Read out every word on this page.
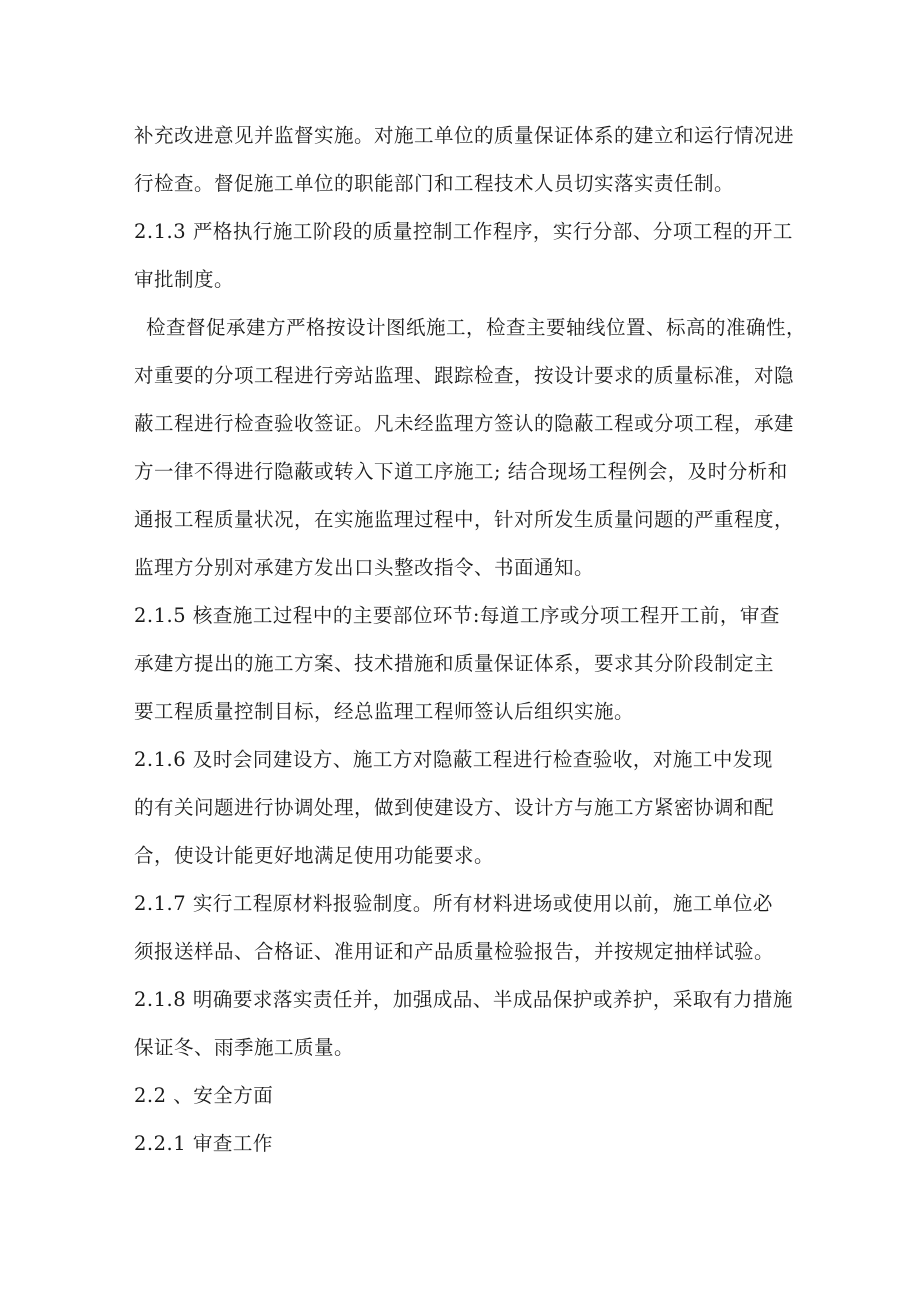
补充改进意见并监督实施。对施工单位的质量保证体系的建立和运行情况进
行检查。督促施工单位的职能部门和工程技术人员切实落实责任制。
2.1.3 严格执行施工阶段的质量控制工作程序，实行分部、分项工程的开工
审批制度。
检查督促承建方严格按设计图纸施工，检查主要轴线位置、标高的准确性，
对重要的分项工程进行旁站监理、跟踪检查，按设计要求的质量标准，对隐
蔽工程进行检查验收签证。凡未经监理方签认的隐蔽工程或分项工程，承建
方一律不得进行隐蔽或转入下道工序施工; 结合现场工程例会，及时分析和
通报工程质量状况，在实施监理过程中，针对所发生质量问题的严重程度，
监理方分别对承建方发出口头整改指令、书面通知。
2.1.5 核查施工过程中的主要部位环节:每道工序或分项工程开工前，审查
承建方提出的施工方案、技术措施和质量保证体系，要求其分阶段制定主
要工程质量控制目标，经总监理工程师签认后组织实施。
2.1.6 及时会同建设方、施工方对隐蔽工程进行检查验收，对施工中发现
的有关问题进行协调处理，做到使建设方、设计方与施工方紧密协调和配
合，使设计能更好地满足使用功能要求。
2.1.7 实行工程原材料报验制度。所有材料进场或使用以前，施工单位必
须报送样品、合格证、准用证和产品质量检验报告，并按规定抽样试验。
2.1.8 明确要求落实责任并，加强成品、半成品保护或养护，采取有力措施
保证冬、雨季施工质量。
2.2 、安全方面
2.2.1 审查工作
